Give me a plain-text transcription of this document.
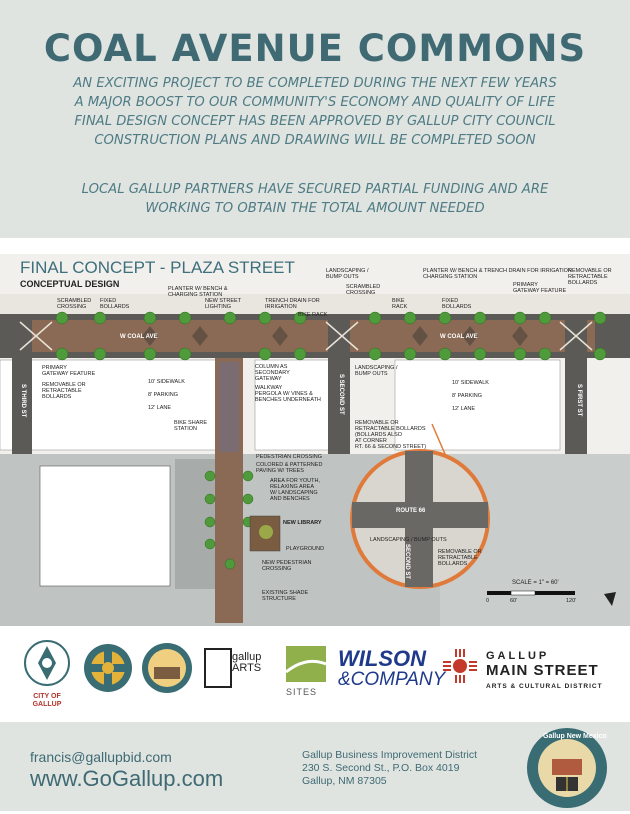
COAL AVENUE COMMONS
AN EXCITING PROJECT TO BE COMPLETED DURING THE NEXT FEW YEARS
A MAJOR BOOST TO OUR COMMUNITY'S ECONOMY AND QUALITY OF LIFE
FINAL DESIGN CONCEPT HAS BEEN APPROVED BY GALLUP CITY COUNCIL
CONSTRUCTION PLANS AND DRAWING WILL BE COMPLETED SOON
LOCAL GALLUP PARTNERS HAVE SECURED PARTIAL FUNDING AND ARE
WORKING TO OBTAIN THE TOTAL AMOUNT NEEDED
FINAL CONCEPT - PLAZA STREET
CONCEPTUAL DESIGN
SCRAMBLED
CROSSING
FIXED
BOLLARDS
PLANTER W/ BENCH &
CHARGING STATION
NEW STREET
LIGHTING
TRENCH DRAIN FOR
IRRIGATION
BIKE RACK
LANDSCAPING /
BUMP OUTS
SCRAMBLED
CROSSING
BIKE
RACK
FIXED
BOLLARDS
PLANTER W/ BENCH &
CHARGING STATION
TRENCH DRAIN FOR IRRIGATION
PRIMARY
GATEWAY FEATURE
REMOVABLE OR
RETRACTABLE
BOLLARDS
PRIMARY
GATEWAY FEATURE
REMOVABLE OR
RETRACTABLE
BOLLARDS
10' SIDEWALK
8' PARKING
12' LANE
BIKE SHARE
STATION
COLUMN AS
SECONDARY
GATEWAY
WALKWAY
PERGOLA W/ VINES &
BENCHES UNDERNEATH
LANDSCAPING /
BUMP OUTS
10' SIDEWALK
8' PARKING
12' LANE
REMOVABLE OR
RETRACTABLE BOLLARDS
(BOLLARDS ALSO
AT CORNER
RT. 66 & SECOND STREET)
PEDESTRIAN CROSSING
COLORED & PATTERNED
PAVING W/ TREES
AREA FOR YOUTH,
RELAXING AREA
W/ LANDSCAPING
AND BENCHES
NEW LIBRARY
PLAYGROUND
NEW PEDESTRIAN
CROSSING
EXISTING SHADE
STRUCTURE
LANDSCAPING / BUMP OUTS
REMOVABLE OR
RETRACTABLE
BOLLARDS
ROUTE 66
SECOND ST
W COAL AVE	W COAL AVE
S THIRD ST	S SECOND ST	S FIRST ST
SCALE = 1" = 60'
0	60'	120'
CITY OF
GALLUP
gallup
ARTS
SITES
WILSON
&COMPANY
GALLUP
MAIN STREET
ARTS & CULTURAL DISTRICT
francis@gallupbid.com
www.GoGallup.com
Gallup Business Improvement District
230 S. Second St., P.O. Box 4019
Gallup, NM 87305
Gallup New Mexico
